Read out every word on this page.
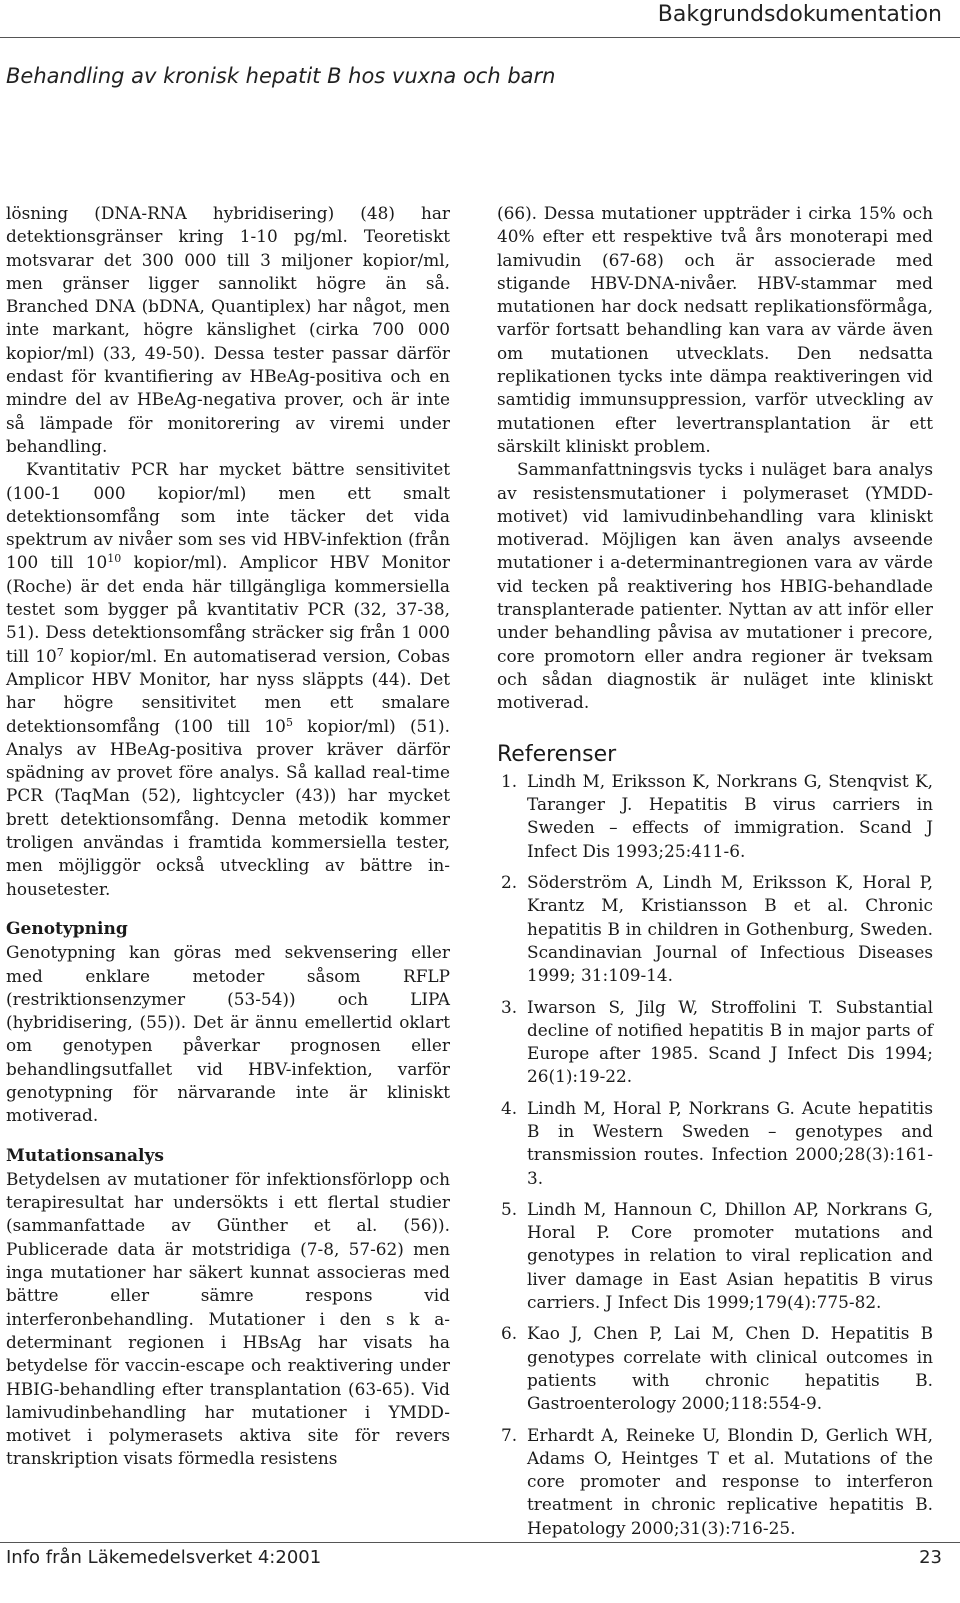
Bakgrundsdokumentation
Behandling av kronisk hepatit B hos vuxna och barn

lösning (DNA-RNA hybridisering) (48) har detektionsgränser kring 1-10 pg/ml. Teoretiskt motsvarar det 300 000 till 3 miljoner kopior/ml, men gränser ligger sannolikt högre än så. Branched DNA (bDNA, Quantiplex) har något, men inte markant, högre känslighet (cirka 700 000 kopior/ml) (33, 49-50). Dessa tester passar därför endast för kvantifiering av HBeAg-positiva och en mindre del av HBeAg-negativa prover, och är inte så lämpade för monitorering av viremi under behandling.

Kvantitativ PCR har mycket bättre sensitivitet (100-1 000 kopior/ml) men ett smalt detektionsomfång som inte täcker det vida spektrum av nivåer som ses vid HBV-infektion (från 100 till $10^{10}$ kopior/ml). Amplicor HBV Monitor (Roche) är det enda här tillgängliga kommersiella testet som bygger på kvantitativ PCR (32, 37-38, 51). Dess detektionsomfång sträcker sig från 1 000 till $10^7$ kopior/ml. En automatiserad version, Cobas Amplicor HBV Monitor, har nyss släppts (44). Det har högre sensitivitet men ett smalare detektionsomfång (100 till $10^5$ kopior/ml) (51). Analys av HBeAg-positiva prover kräver därför spädning av provet före analys. Så kallad real-time PCR (TaqMan (52), lightcycler (43)) har mycket brett detektionsomfång. Denna metodik kommer troligen användas i framtida kommersiella tester, men möjliggör också utveckling av bättre in-housetester.

Genotypning

Genotypning kan göras med sekvensering eller med enklare metoder såsom RFLP (restriktionsenzymer (53-54)) och LIPA (hybridisering, (55)). Det är ännu emellertid oklart om genotypen påverkar prognosen eller behandlingsutfallet vid HBV-infektion, varför genotypning för närvarande inte är kliniskt motiverad.

Mutationsanalys

Betydelsen av mutationer för infektionsförlopp och terapiresultat har undersökts i ett flertal studier (sammanfattade av Günther et al. (56)). Publicerade data är motstridiga (7-8, 57-62) men inga mutationer har säkert kunnat associeras med bättre eller sämre respons vid interferonbehandling. Mutationer i den s k a-determinant regionen i HBsAg har visats ha betydelse för vaccin-escape och reaktivering under HBIG-behandling efter transplantation (63-65). Vid lamivudinbehandling har mutationer i YMDD-motivet i polymerasets aktiva site för revers transkription visats förmedla resistens

(66). Dessa mutationer uppträder i cirka 15% och 40% efter ett respektive två års monoterapi med lamivudin (67-68) och är associerade med stigande HBV-DNA-nivåer. HBV-stammar med mutationen har dock nedsatt replikationsförmåga, varför fortsatt behandling kan vara av värde även om mutationen utvecklats. Den nedsatta replikationen tycks inte dämpa reaktiveringen vid samtidig immunsuppression, varför utveckling av mutationen efter levertransplantation är ett särskilt kliniskt problem.

Sammanfattningsvis tycks i nuläget bara analys av resistensmutationer i polymeraset (YMDD-motivet) vid lamivudinbehandling vara kliniskt motiverad. Möjligen kan även analys avseende mutationer i a-determinantregionen vara av värde vid tecken på reaktivering hos HBIG-behandlade transplanterade patienter. Nyttan av att inför eller under behandling påvisa av mutationer i precore, core promotorn eller andra regioner är tveksam och sådan diagnostik är nuläget inte kliniskt motiverad.

Referenser
1. Lindh M, Eriksson K, Norkrans G, Stenqvist K, Taranger J. Hepatitis B virus carriers in Sweden – effects of immigration. Scand J Infect Dis 1993;25:411-6.
2. Söderström A, Lindh M, Eriksson K, Horal P, Krantz M, Kristiansson B et al. Chronic hepatitis B in children in Gothenburg, Sweden. Scandinavian Journal of Infectious Diseases 1999; 31:109-14.
3. Iwarson S, Jilg W, Stroffolini T. Substantial decline of notified hepatitis B in major parts of Europe after 1985. Scand J Infect Dis 1994; 26(1):19-22.
4. Lindh M, Horal P, Norkrans G. Acute hepatitis B in Western Sweden – genotypes and transmission routes. Infection 2000;28(3):161-3.
5. Lindh M, Hannoun C, Dhillon AP, Norkrans G, Horal P. Core promoter mutations and genotypes in relation to viral replication and liver damage in East Asian hepatitis B virus carriers. J Infect Dis 1999;179(4):775-82.
6. Kao J, Chen P, Lai M, Chen D. Hepatitis B genotypes correlate with clinical outcomes in patients with chronic hepatitis B. Gastroenterology 2000;118:554-9.
7. Erhardt A, Reineke U, Blondin D, Gerlich WH, Adams O, Heintges T et al. Mutations of the core promoter and response to interferon treatment in chronic replicative hepatitis B. Hepatology 2000;31(3):716-25.
Info från Läkemedelsverket 4:2001	23
